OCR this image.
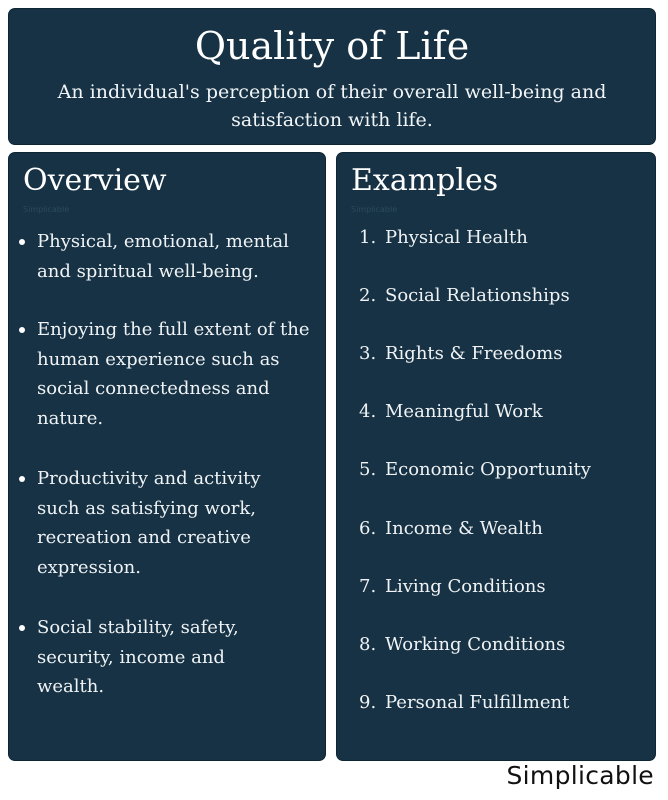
Quality of Life
An individual's perception of their overall well-being and satisfaction with life.
Overview
Simplicable
Physical, emotional, mental and spiritual well-being.
Enjoying the full extent of the human experience such as social connectedness and nature.
Productivity and activity such as satisfying work, recreation and creative expression.
Social stability, safety, security, income and wealth.
Examples
Simplicable
1. Physical Health
2. Social Relationships
3. Rights & Freedoms
4. Meaningful Work
5. Economic Opportunity
6. Income & Wealth
7. Living Conditions
8. Working Conditions
9. Personal Fulfillment
Simplicable
